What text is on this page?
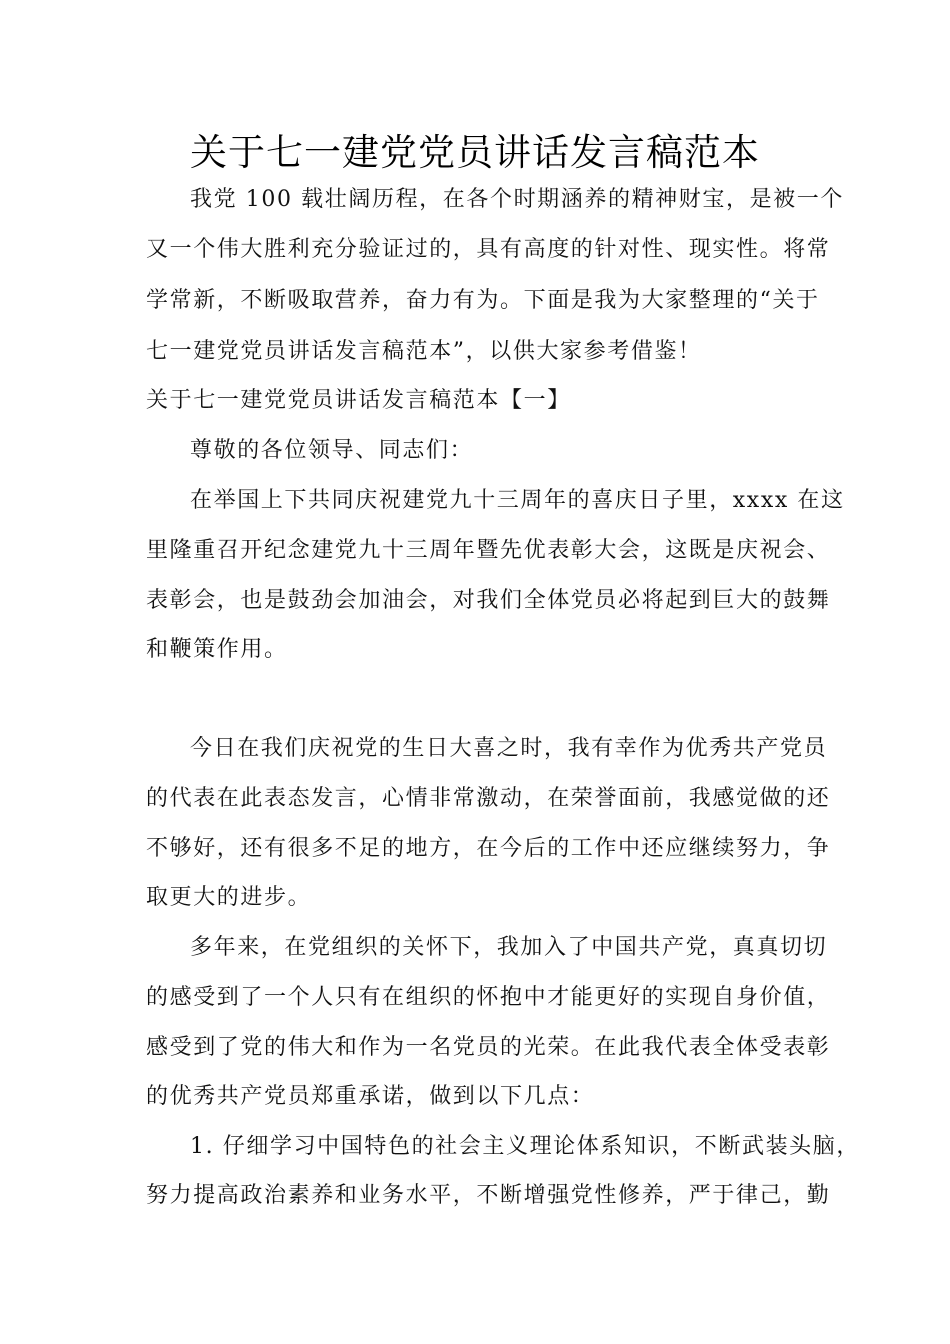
关于七一建党党员讲话发言稿范本
我党 100 载壮阔历程，在各个时期涵养的精神财宝，是被一个
又一个伟大胜利充分验证过的，具有高度的针对性、现实性。将常
学常新，不断吸取营养，奋力有为。下面是我为大家整理的“关于
七一建党党员讲话发言稿范本”，以供大家参考借鉴！
关于七一建党党员讲话发言稿范本【一】
尊敬的各位领导、同志们：
在举国上下共同庆祝建党九十三周年的喜庆日子里，xxxx 在这
里隆重召开纪念建党九十三周年暨先优表彰大会，这既是庆祝会、
表彰会，也是鼓劲会加油会，对我们全体党员必将起到巨大的鼓舞
和鞭策作用。
今日在我们庆祝党的生日大喜之时，我有幸作为优秀共产党员
的代表在此表态发言，心情非常激动，在荣誉面前，我感觉做的还
不够好，还有很多不足的地方，在今后的工作中还应继续努力，争
取更大的进步。
多年来，在党组织的关怀下，我加入了中国共产党，真真切切
的感受到了一个人只有在组织的怀抱中才能更好的实现自身价值，
感受到了党的伟大和作为一名党员的光荣。在此我代表全体受表彰
的优秀共产党员郑重承诺，做到以下几点：
1. 仔细学习中国特色的社会主义理论体系知识，不断武装头脑，
努力提高政治素养和业务水平，不断增强党性修养，严于律己，勤
